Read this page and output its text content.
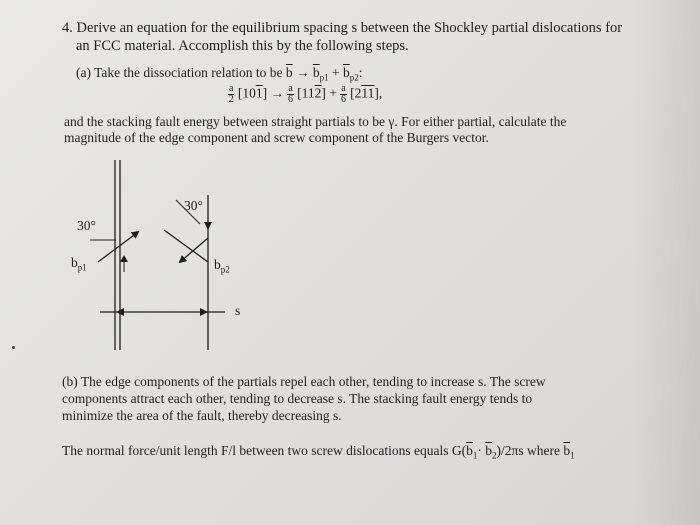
4. Derive an equation for the equilibrium spacing s between the Shockley partial dislocations for
an FCC material. Accomplish this by the following steps.
(a) Take the dissociation relation to be $\overline{b} \to \overline{b}_{p1} + \overline{b}_{p2}$:
$\frac{a}{2} [101] \to \frac{a}{6} [112] + \frac{a}{6} [211]$,
and the stacking fault energy between straight partials to be γ. For either partial, calculate the
magnitude of the edge component and screw component of the Burgers vector.
30°
30°
$b_{p1}$	$b_{p2}$
s
(b) The edge components of the partials repel each other, tending to increase s. The screw
components attract each other, tending to decrease s. The stacking fault energy tends to
minimize the area of the fault, thereby decreasing s.
The normal force/unit length F/l between two screw dislocations equals $G(\overline{b}_1\cdot \overline{b}_2)/2\pi s$ where $\overline{b}_1$
